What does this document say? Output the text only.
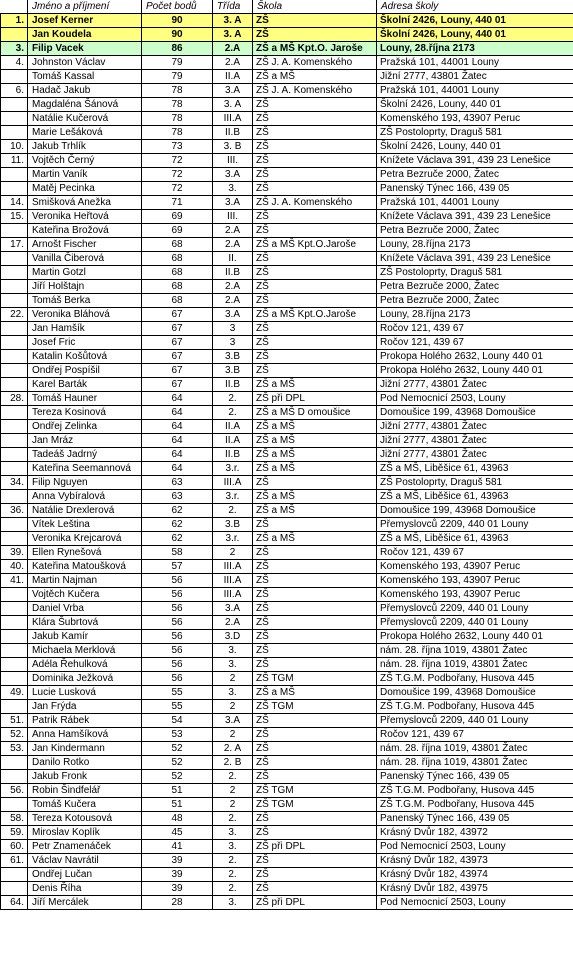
	Jméno a příjmení	Počet bodů	Třída	Škola	Adresa školy
1.	Josef Kerner	90	3. A	ZŠ	Školní 2426, Louny, 440 01
	Jan Koudela	90	3. A	ZŠ	Školní 2426, Louny, 440 01
3.	Filip Vacek	86	2.A	ZŠ a MŠ Kpt.O. Jaroše	Louny, 28.října 2173
4.	Johnston Václav	79	2.A	ZŠ J. A. Komenského	Pražská 101, 44001 Louny
	Tomáš Kassal	79	II.A	ZŠ a MŠ	Jižní 2777, 43801 Žatec
6.	Hadač Jakub	78	3.A	ZŠ J. A. Komenského	Pražská 101, 44001 Louny
	Magdaléna Šánová	78	3. A	ZŠ	Školní 2426, Louny, 440 01
	Natálie Kučerová	78	III.A	ZŠ	Komenského 193, 43907 Peruc
	Marie Lešáková	78	II.B	ZŠ	ZŠ Postoloprty, Draguš 581
10.	Jakub Trhlík	73	3. B	ZŠ	Školní 2426, Louny, 440 01
11.	Vojtěch Černý	72	III.	ZŠ	Knížete Václava 391, 439 23 Lenešice
	Martin Vaník	72	3.A	ZŠ	Petra Bezruče 2000, Žatec
	Matěj Pecinka	72	3.	ZŠ	Panenský Týnec 166, 439 05
14.	Smišková Anežka	71	3.A	ZŠ J. A. Komenského	Pražská 101, 44001 Louny
15.	Veronika Heřtová	69	III.	ZŠ	Knížete Václava 391, 439 23 Lenešice
	Kateřina Brožová	69	2.A	ZŠ	Petra Bezruče 2000, Žatec
17.	Arnošt Fischer	68	2.A	ZŠ a MŠ Kpt.O.Jaroše	Louny, 28.října 2173
	Vanilla Čiberová	68	II.	ZŠ	Knížete Václava 391, 439 23 Lenešice
	Martin Gotzl	68	II.B	ZŠ	ZŠ Postoloprty, Draguš 581
	Jiří Holštajn	68	2.A	ZŠ	Petra Bezruče 2000, Žatec
	Tomáš Berka	68	2.A	ZŠ	Petra Bezruče 2000, Žatec
22.	Veronika Bláhová	67	3.A	ZŠ a MŠ Kpt.O.Jaroše	Louny, 28.října 2173
	Jan Hamšík	67	3	ZŠ	Ročov 121, 439 67
	Josef Fric	67	3	ZŠ	Ročov 121, 439 67
	Katalin Košůtová	67	3.B	ZŠ	Prokopa Holého 2632, Louny 440 01
	Ondřej Pospíšil	67	3.B	ZŠ	Prokopa Holého 2632, Louny 440 01
	Karel Barták	67	II.B	ZŠ a MŠ	Jižní 2777, 43801 Žatec
28.	Tomáš Hauner	64	2.	ZŠ při DPL	Pod Nemocnicí 2503, Louny
	Tereza Kosinová	64	2.	ZŠ a MŠ D omoušice	Domoušice 199, 43968 Domoušice
	Ondřej Zelinka	64	II.A	ZŠ a MŠ	Jižní 2777, 43801 Žatec
	Jan Mráz	64	II.A	ZŠ a MŠ	Jižní 2777, 43801 Žatec
	Tadeáš Jadrný	64	II.B	ZŠ a MŠ	Jižní 2777, 43801 Žatec
	Kateřina Seemannová	64	3.r.	ZŠ a MŠ	ZŠ a MŠ, Liběšice 61, 43963
34.	Filip Nguyen	63	III.A	ZŠ	ZŠ Postoloprty, Draguš 581
	Anna Vybíralová	63	3.r.	ZŠ a MŠ	ZŠ a MŠ, Liběšice 61, 43963
36.	Natálie Drexlerová	62	2.	ZŠ a MŠ	Domoušice 199, 43968 Domoušice
	Vítek Leština	62	3.B	ZŠ	Přemyslovců 2209, 440 01 Louny
	Veronika Krejcarová	62	3.r.	ZŠ a MŠ	ZŠ a MŠ, Liběšice 61, 43963
39.	Ellen Rynešová	58	2	ZŠ	Ročov 121, 439 67
40.	Kateřina Matoušková	57	III.A	ZŠ	Komenského 193, 43907 Peruc
41.	Martin Najman	56	III.A	ZŠ	Komenského 193, 43907 Peruc
	Vojtěch Kučera	56	III.A	ZŠ	Komenského 193, 43907 Peruc
	Daniel Vrba	56	3.A	ZŠ	Přemyslovců 2209, 440 01 Louny
	Klára Šubrtová	56	2.A	ZŠ	Přemyslovců 2209, 440 01 Louny
	Jakub Kamír	56	3.D	ZŠ	Prokopa Holého 2632, Louny 440 01
	Michaela Merklová	56	3.	ZŠ	nám. 28. října 1019, 43801 Žatec
	Adéla Řehulková	56	3.	ZŠ	nám. 28. října 1019, 43801 Žatec
	Dominika Ježková	56	2	ZŠ TGM	ZŠ T.G.M. Podbořany, Husova 445
49.	Lucie Lusková	55	3.	ZŠ a MŠ	Domoušice 199, 43968 Domoušice
	Jan Frýda	55	2	ZŠ TGM	ZŠ T.G.M. Podbořany, Husova 445
51.	Patrik Rábek	54	3.A	ZŠ	Přemyslovců 2209, 440 01 Louny
52.	Anna Hamšíková	53	2	ZŠ	Ročov 121, 439 67
53.	Jan Kindermann	52	2. A	ZŠ	nám. 28. října 1019, 43801 Žatec
	Danilo Rotko	52	2. B	ZŠ	nám. 28. října 1019, 43801 Žatec
	Jakub Fronk	52	2.	ZŠ	Panenský Týnec 166, 439 05
56.	Robin Šindfelář	51	2	ZŠ TGM	ZŠ T.G.M. Podbořany, Husova 445
	Tomáš Kučera	51	2	ZŠ TGM	ZŠ T.G.M. Podbořany, Husova 445
58.	Tereza Kotousová	48	2.	ZŠ	Panenský Týnec 166, 439 05
59.	Miroslav Koplík	45	3.	ZŠ	Krásný Dvůr 182, 43972
60.	Petr Znamenáček	41	3.	ZŠ při DPL	Pod Nemocnicí 2503, Louny
61.	Václav Navrátil	39	2.	ZŠ	Krásný Dvůr 182, 43973
	Ondřej Lučan	39	2.	ZŠ	Krásný Dvůr 182, 43974
	Denis Říha	39	2.	ZŠ	Krásný Dvůr 182, 43975
64.	Jiří Mercálek	28	3.	ZŠ při DPL	Pod Nemocnicí 2503, Louny
